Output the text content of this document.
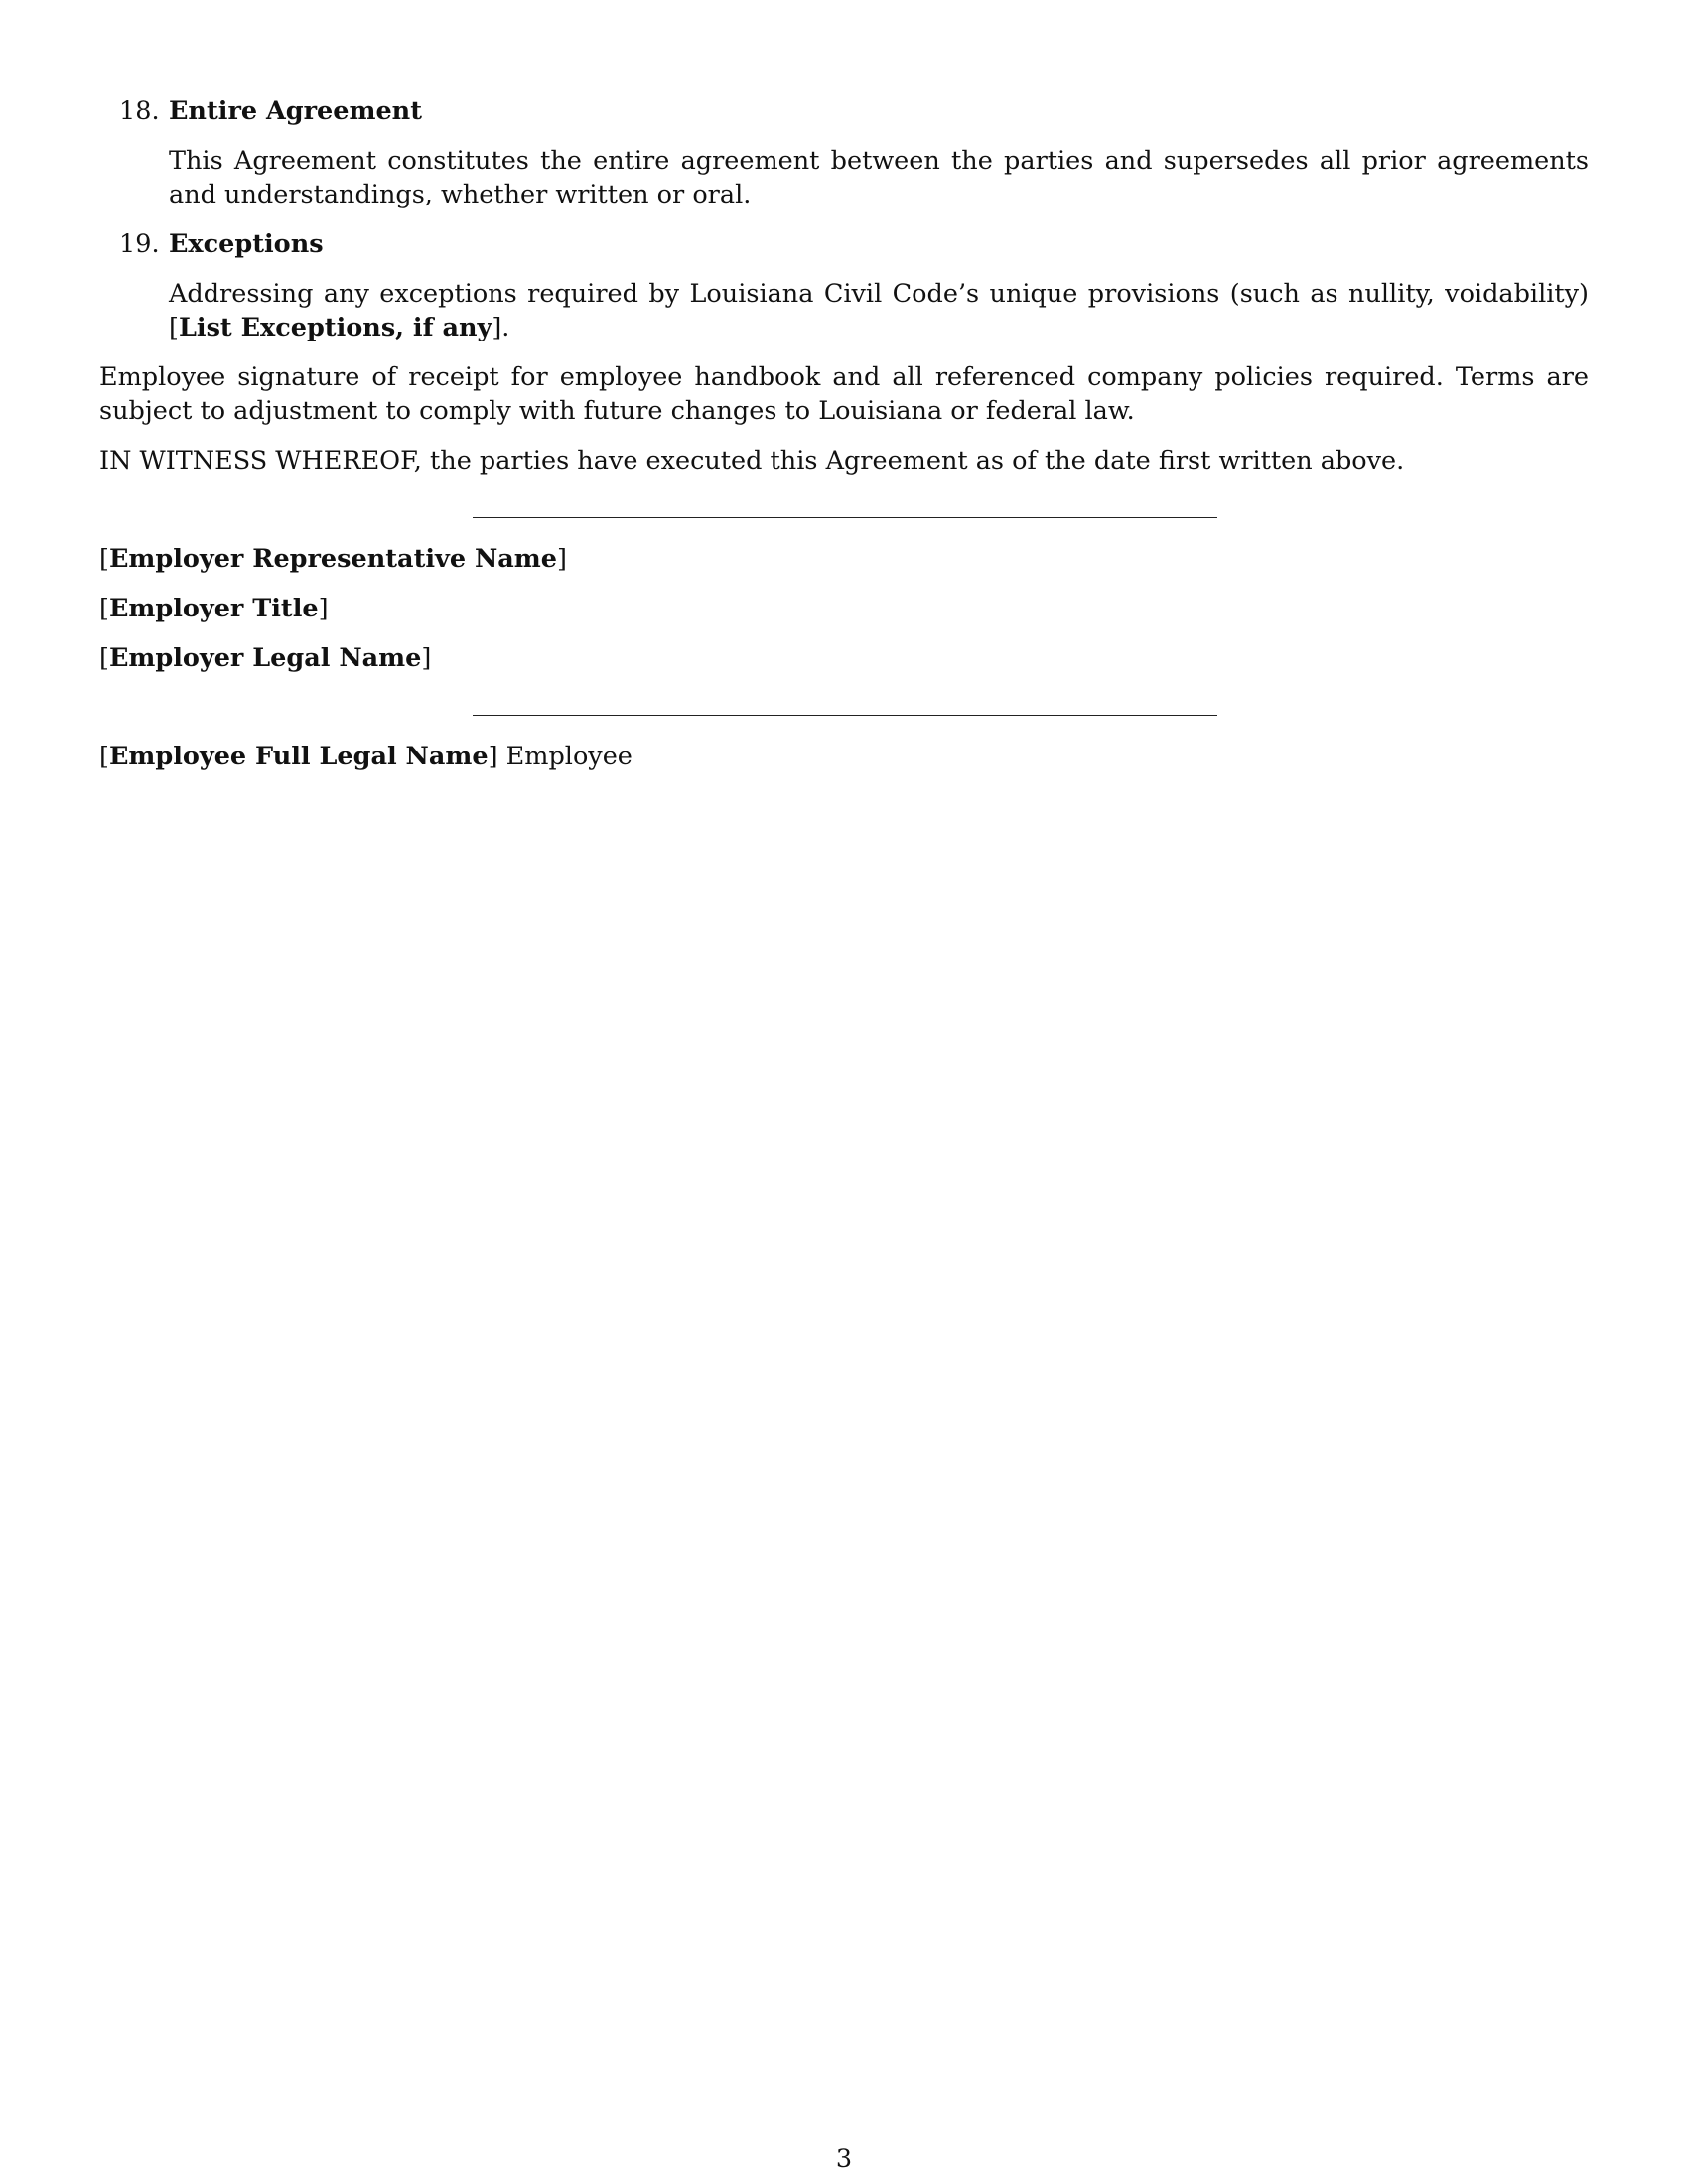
18. Entire Agreement
This Agreement constitutes the entire agreement between the parties and supersedes all prior agreements and understandings, whether written or oral.
19. Exceptions
Addressing any exceptions required by Louisiana Civil Code’s unique provisions (such as nullity, voidability) [List Exceptions, if any].

Employee signature of receipt for employee handbook and all referenced company policies required. Terms are subject to adjustment to comply with future changes to Louisiana or federal law.

IN WITNESS WHEREOF, the parties have executed this Agreement as of the date first written above.

[Employer Representative Name]
[Employer Title]
[Employer Legal Name]
[Employee Full Legal Name] Employee
3
